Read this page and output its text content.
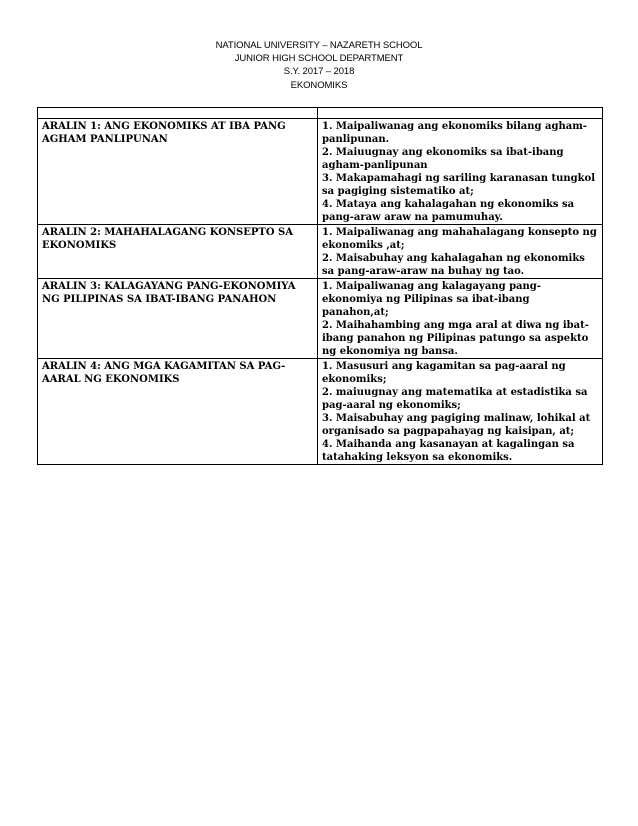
NATIONAL UNIVERSITY – NAZARETH SCHOOL
JUNIOR HIGH SCHOOL DEPARTMENT
S.Y. 2017 – 2018
EKONOMIKS

ARALIN 1: ANG EKONOMIKS AT IBA PANG AGHAM PANLIPUNAN	1. Maipaliwanag ang ekonomiks bilang agham-panlipunan.
2. Maiuugnay ang ekonomiks sa ibat-ibang agham-panlipunan
3. Makapamahagi ng sariling karanasan tungkol sa pagiging sistematiko at;
4. Mataya ang kahalagahan ng ekonomiks sa pang-araw araw na pamumuhay.

ARALIN 2: MAHAHALAGANG KONSEPTO SA EKONOMIKS	1. Maipaliwanag ang mahahalagang konsepto ng ekonomiks ,at;
2. Maisabuhay ang kahalagahan ng ekonomiks sa pang-araw-araw na buhay ng tao.

ARALIN 3: KALAGAYANG PANG-EKONOMIYA NG PILIPINAS SA IBAT-IBANG PANAHON	1. Maipaliwanag ang kalagayang pang-ekonomiya ng Pilipinas sa ibat-ibang panahon,at;
2. Maihahambing ang mga aral at diwa ng ibat-ibang panahon ng Pilipinas patungo sa aspekto ng ekonomiya ng bansa.

ARALIN 4: ANG MGA KAGAMITAN SA PAG-AARAL NG EKONOMIKS	1. Masusuri ang kagamitan sa pag-aaral ng ekonomiks;
2. maiuugnay ang matematika at estadistika sa pag-aaral ng ekonomiks;
3. Maisabuhay ang pagiging malinaw, lohikal at organisado sa pagpapahayag ng kaisipan, at;
4. Maihanda ang kasanayan at kagalingan sa tatahaking leksyon sa ekonomiks.
